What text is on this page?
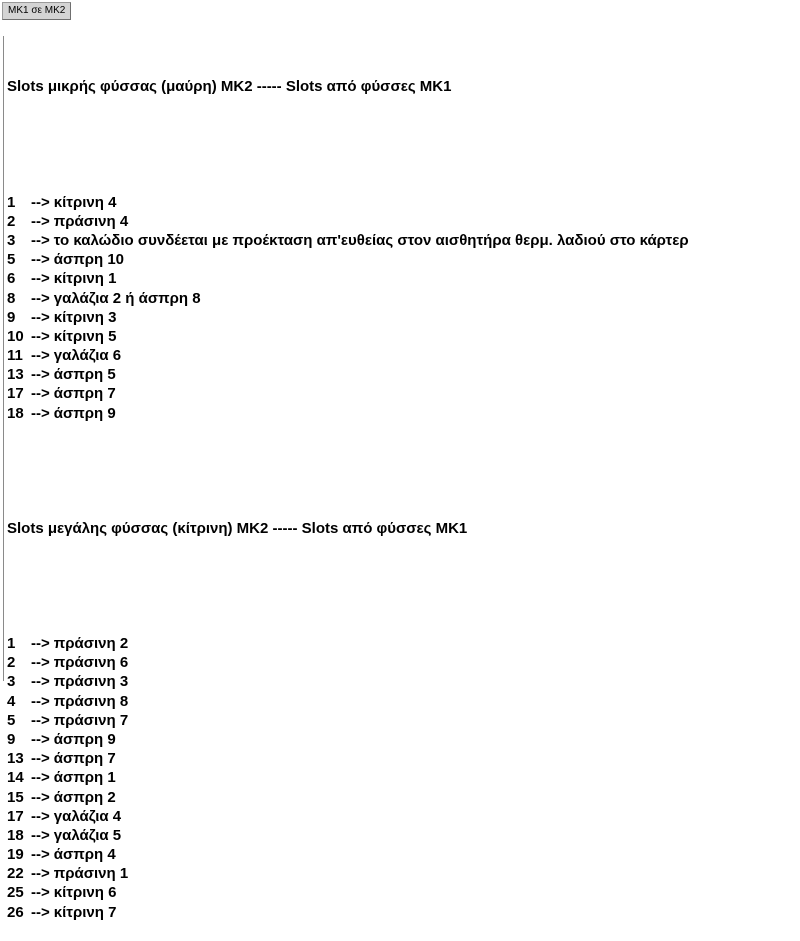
MK1 σε MK2

Slots μικρής φύσσας (μαύρη) MK2 ----- Slots από φύσσες MK1

1	--> κίτρινη 4
2	--> πράσινη 4
3	--> το καλώδιο συνδέεται με προέκταση απ'ευθείας στον αισθητήρα θερμ. λαδιού στο κάρτερ
5	--> άσπρη 10
6	--> κίτρινη 1
8	--> γαλάζια 2 ή άσπρη 8
9	--> κίτρινη 3
10 --> κίτρινη 5
11 --> γαλάζια 6
13 --> άσπρη 5
17 --> άσπρη 7
18 --> άσπρη 9

Slots μεγάλης φύσσας (κίτρινη) MK2 ----- Slots από φύσσες MK1

1	--> πράσινη 2
2	--> πράσινη 6
3	--> πράσινη 3
4	--> πράσινη 8
5	--> πράσινη 7
9	--> άσπρη 9
13 --> άσπρη 7
14 --> άσπρη 1
15 --> άσπρη 2
17 --> γαλάζια 4
18 --> γαλάζια 5
19 --> άσπρη 4
22 --> πράσινη 1
25 --> κίτρινη 6
26 --> κίτρινη 7
